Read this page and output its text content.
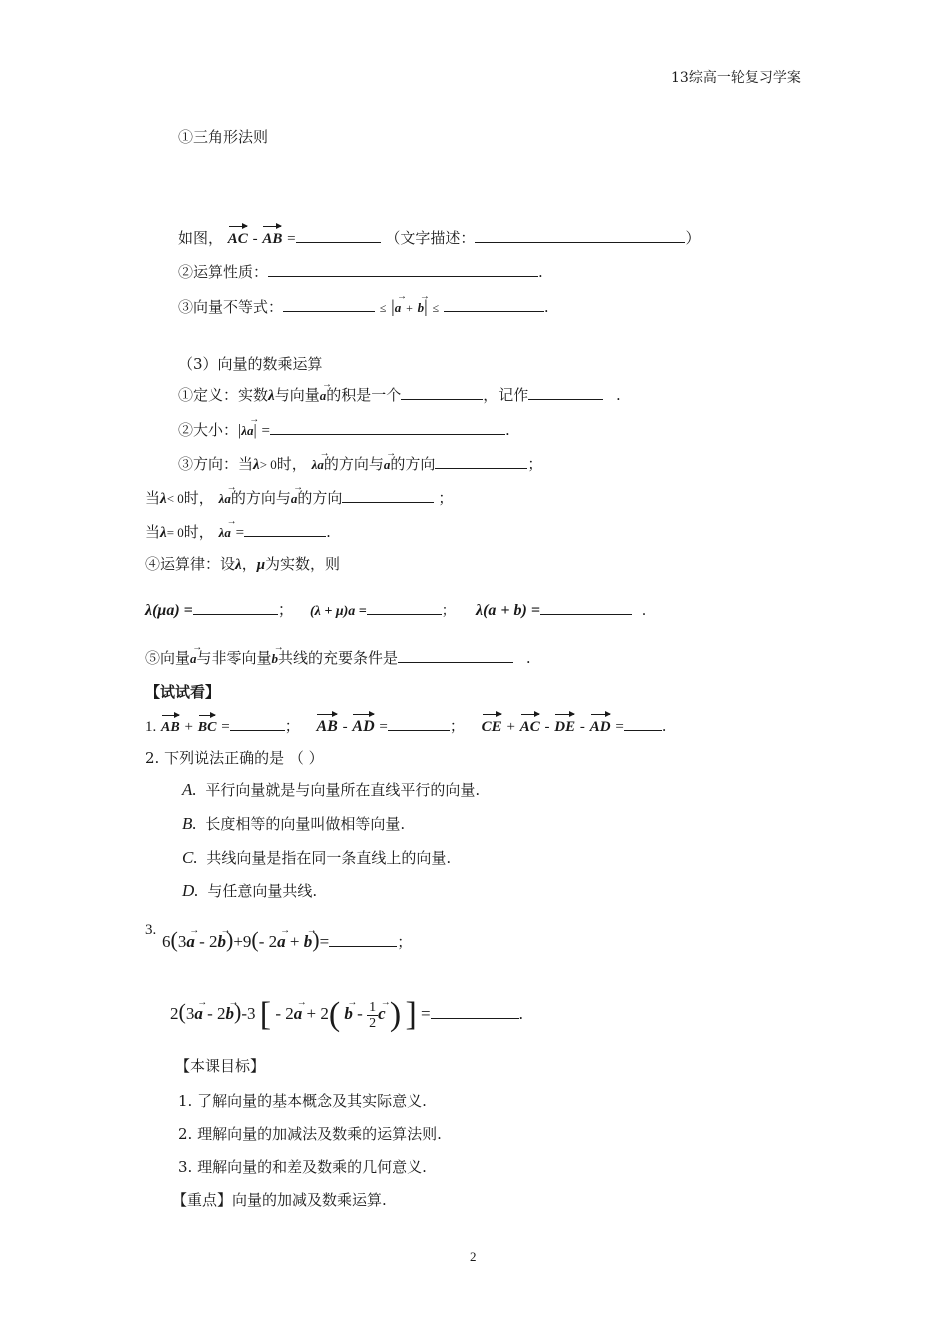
13综高一轮复习学案
①三角形法则
如图， AC - AB =	（文字描述：	）
②运算性质：	.
③向量不等式：	≤ |→ a + → b| ≤	.
（3）向量的数乘运算
①定义：实数λ与向量→ a的积是一个	，记作	.
②大小：|λ→ a| =	.
③方向：当λ> 0时， λ→ a的方向与→ a的方向	；
当λ< 0时， λ→ a的方向与→ a的方向	；
当λ= 0时， λ→ a =	.
④运算律：设λ，μ为实数，则
λ(μa) =	； (λ + μ)a =	； λ(a + b) =	.
⑤向量→ a与非零向量→ b共线的充要条件是	.
【试试看】
1. AB + BC =	； AB - AD =	； CE + AC - DE - AD =	.
2. 下列说法正确的是 （ ）
A. 平行向量就是与向量所在直线平行的向量.
B. 长度相等的向量叫做相等向量.
C. 共线向量是指在同一条直线上的向量.
D. 与任意向量共线.
3.
6(3→ a - 2→ b)+9(- 2→ a + → b)=	；
2(3→ a - 2→ b)-3 [ - $2\to a + 2( \to b - \frac{1}{2}$
→ c ) ] =	.
【本课目标】
1. 了解向量的基本概念及其实际意义.
2. 理解向量的加减法及数乘的运算法则.
3. 理解向量的和差及数乘的几何意义.
【重点】向量的加减及数乘运算.
2
